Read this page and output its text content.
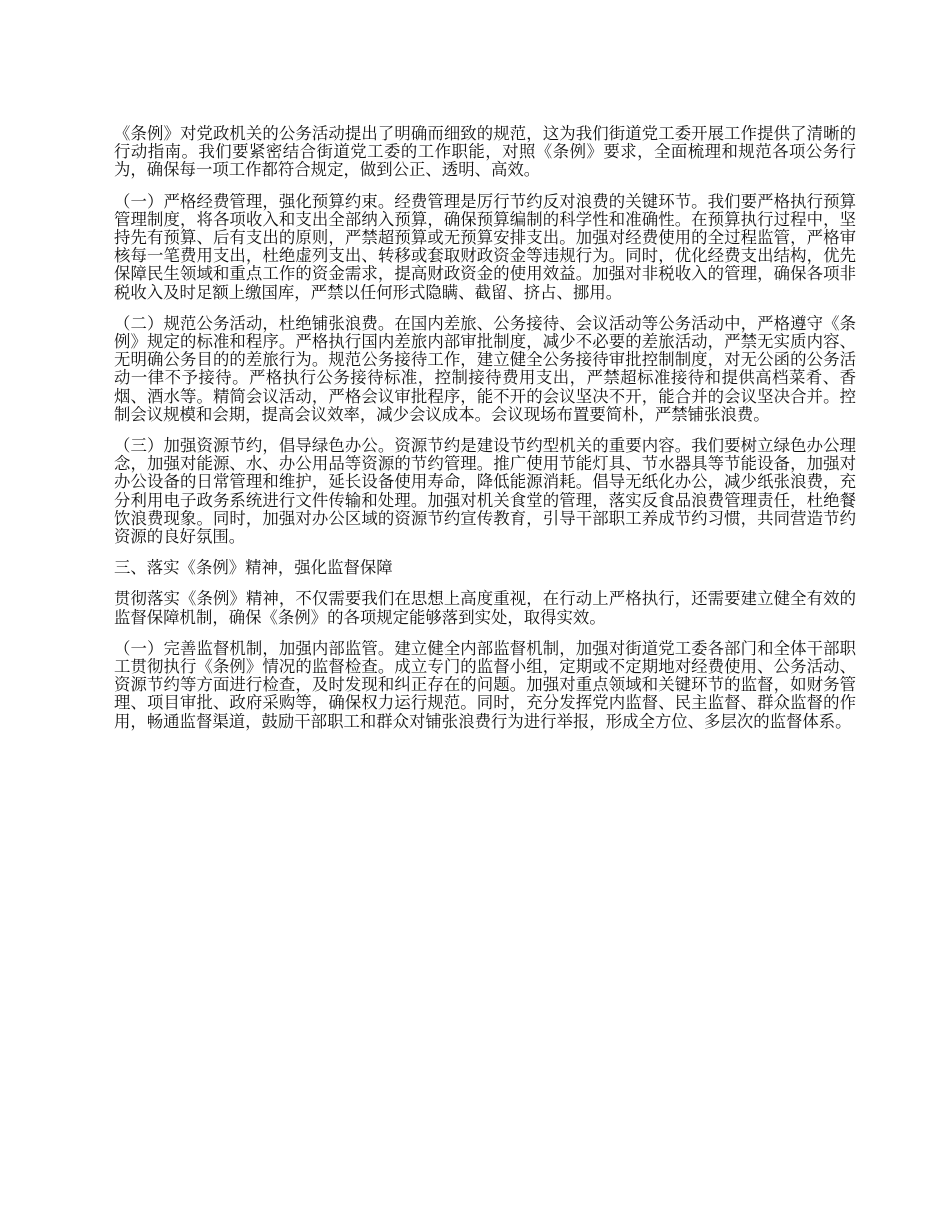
《条例》对党政机关的公务活动提出了明确而细致的规范，这为我们街道党工委开展工作提供了清晰的行动指南。我们要紧密结合街道党工委的工作职能，对照《条例》要求，全面梳理和规范各项公务行为，确保每一项工作都符合规定，做到公正、透明、高效。

（一）严格经费管理，强化预算约束。经费管理是厉行节约反对浪费的关键环节。我们要严格执行预算管理制度，将各项收入和支出全部纳入预算，确保预算编制的科学性和准确性。在预算执行过程中，坚持先有预算、后有支出的原则，严禁超预算或无预算安排支出。加强对经费使用的全过程监管，严格审核每一笔费用支出，杜绝虚列支出、转移或套取财政资金等违规行为。同时，优化经费支出结构，优先保障民生领域和重点工作的资金需求，提高财政资金的使用效益。加强对非税收入的管理，确保各项非税收入及时足额上缴国库，严禁以任何形式隐瞒、截留、挤占、挪用。

（二）规范公务活动，杜绝铺张浪费。在国内差旅、公务接待、会议活动等公务活动中，严格遵守《条例》规定的标准和程序。严格执行国内差旅内部审批制度，减少不必要的差旅活动，严禁无实质内容、无明确公务目的的差旅行为。规范公务接待工作，建立健全公务接待审批控制制度，对无公函的公务活动一律不予接待。严格执行公务接待标准，控制接待费用支出，严禁超标准接待和提供高档菜肴、香烟、酒水等。精简会议活动，严格会议审批程序，能不开的会议坚决不开，能合并的会议坚决合并。控制会议规模和会期，提高会议效率，减少会议成本。会议现场布置要简朴，严禁铺张浪费。

（三）加强资源节约，倡导绿色办公。资源节约是建设节约型机关的重要内容。我们要树立绿色办公理念，加强对能源、水、办公用品等资源的节约管理。推广使用节能灯具、节水器具等节能设备，加强对办公设备的日常管理和维护，延长设备使用寿命，降低能源消耗。倡导无纸化办公，减少纸张浪费，充分利用电子政务系统进行文件传输和处理。加强对机关食堂的管理，落实反食品浪费管理责任，杜绝餐饮浪费现象。同时，加强对办公区域的资源节约宣传教育，引导干部职工养成节约习惯，共同营造节约资源的良好氛围。

三、落实《条例》精神，强化监督保障

贯彻落实《条例》精神，不仅需要我们在思想上高度重视，在行动上严格执行，还需要建立健全有效的监督保障机制，确保《条例》的各项规定能够落到实处，取得实效。

（一）完善监督机制，加强内部监管。建立健全内部监督机制，加强对街道党工委各部门和全体干部职工贯彻执行《条例》情况的监督检查。成立专门的监督小组，定期或不定期地对经费使用、公务活动、资源节约等方面进行检查，及时发现和纠正存在的问题。加强对重点领域和关键环节的监督，如财务管理、项目审批、政府采购等，确保权力运行规范。同时，充分发挥党内监督、民主监督、群众监督的作用，畅通监督渠道，鼓励干部职工和群众对铺张浪费行为进行举报，形成全方位、多层次的监督体系。
